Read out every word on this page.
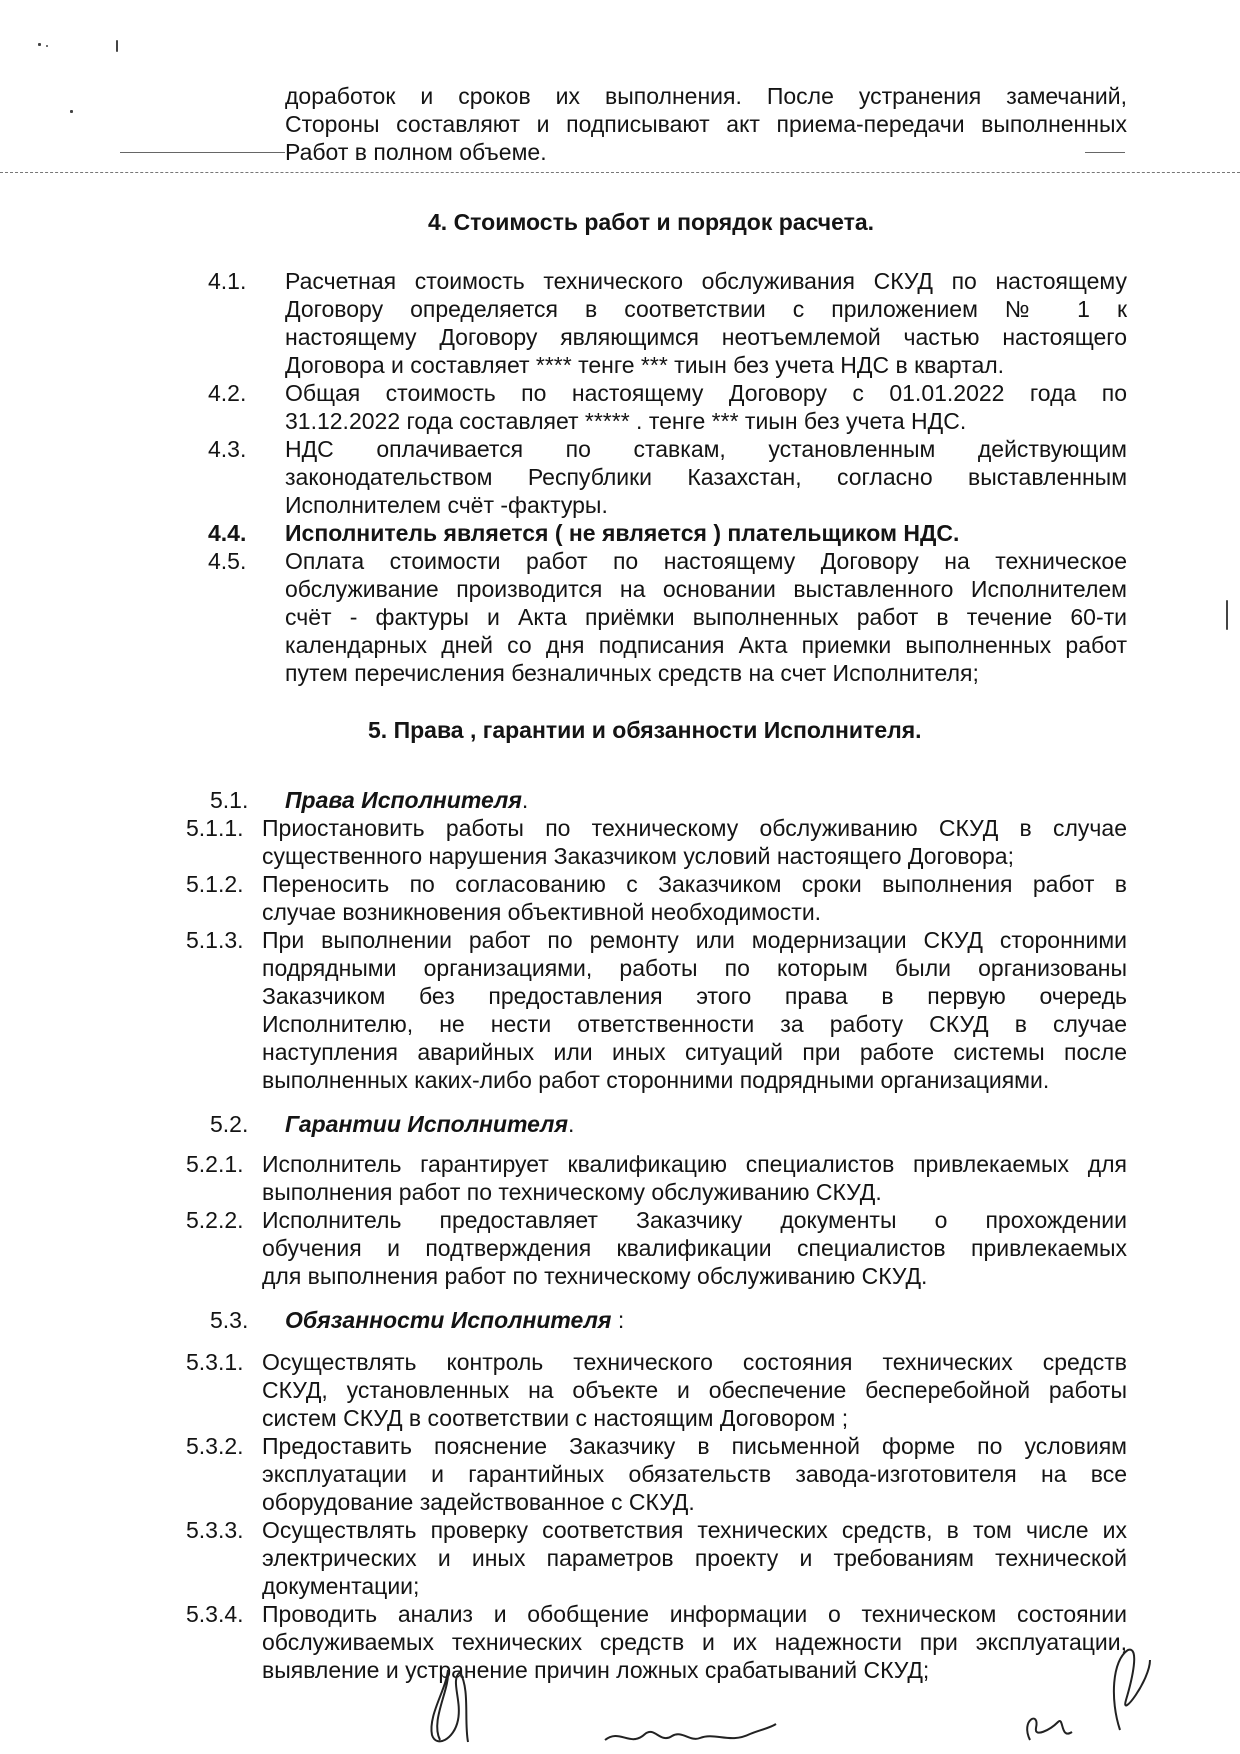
доработок и сроков их выполнения. После устранения замечаний,
Стороны составляют и подписывают акт приема-передачи выполненных
Работ в полном объеме.
4. Стоимость работ и порядок расчета.
4.1. Расчетная стоимость технического обслуживания СКУД по настоящему
Договору определяется в соответствии с приложением № 1 к
настоящему Договору являющимся неотъемлемой частью настоящего
Договора и составляет **** тенге *** тиын без учета НДС в квартал.
4.2. Общая стоимость по настоящему Договору с 01.01.2022 года по
31.12.2022 года составляет ***** . тенге *** тиын без учета НДС.
4.3. НДС оплачивается по ставкам, установленным действующим
законодательством Республики Казахстан, согласно выставленным
Исполнителем счёт -фактуры.
4.4. Исполнитель является ( не является ) плательщиком НДС.
4.5. Оплата стоимости работ по настоящему Договору на техническое
обслуживание производится на основании выставленного Исполнителем
счёт - фактуры и Акта приёмки выполненных работ в течение 60-ти
календарных дней со дня подписания Акта приемки выполненных работ
путем перечисления безналичных средств на счет Исполнителя;
5. Права , гарантии и обязанности Исполнителя.
5.1. Права Исполнителя.
5.1.1. Приостановить работы по техническому обслуживанию СКУД в случае
существенного нарушения Заказчиком условий настоящего Договора;
5.1.2. Переносить по согласованию с Заказчиком сроки выполнения работ в
случае возникновения объективной необходимости.
5.1.3. При выполнении работ по ремонту или модернизации СКУД сторонними
подрядными организациями, работы по которым были организованы
Заказчиком без предоставления этого права в первую очередь
Исполнителю, не нести ответственности за работу СКУД в случае
наступления аварийных или иных ситуаций при работе системы после
выполненных каких-либо работ сторонними подрядными организациями.
5.2. Гарантии Исполнителя.
5.2.1. Исполнитель гарантирует квалификацию специалистов привлекаемых для
выполнения работ по техническому обслуживанию СКУД.
5.2.2. Исполнитель предоставляет Заказчику документы о прохождении
обучения и подтверждения квалификации специалистов привлекаемых
для выполнения работ по техническому обслуживанию СКУД.
5.3. Обязанности Исполнителя :
5.3.1. Осуществлять контроль технического состояния технических средств
СКУД, установленных на объекте и обеспечение бесперебойной работы
систем СКУД в соответствии с настоящим Договором ;
5.3.2. Предоставить пояснение Заказчику в письменной форме по условиям
эксплуатации и гарантийных обязательств завода-изготовителя на все
оборудование задействованное с СКУД.
5.3.3. Осуществлять проверку соответствия технических средств, в том числе их
электрических и иных параметров проекту и требованиям технической
документации;
5.3.4. Проводить анализ и обобщение информации о техническом состоянии
обслуживаемых технических средств и их надежности при эксплуатации,
выявление и устранение причин ложных срабатываний СКУД;
